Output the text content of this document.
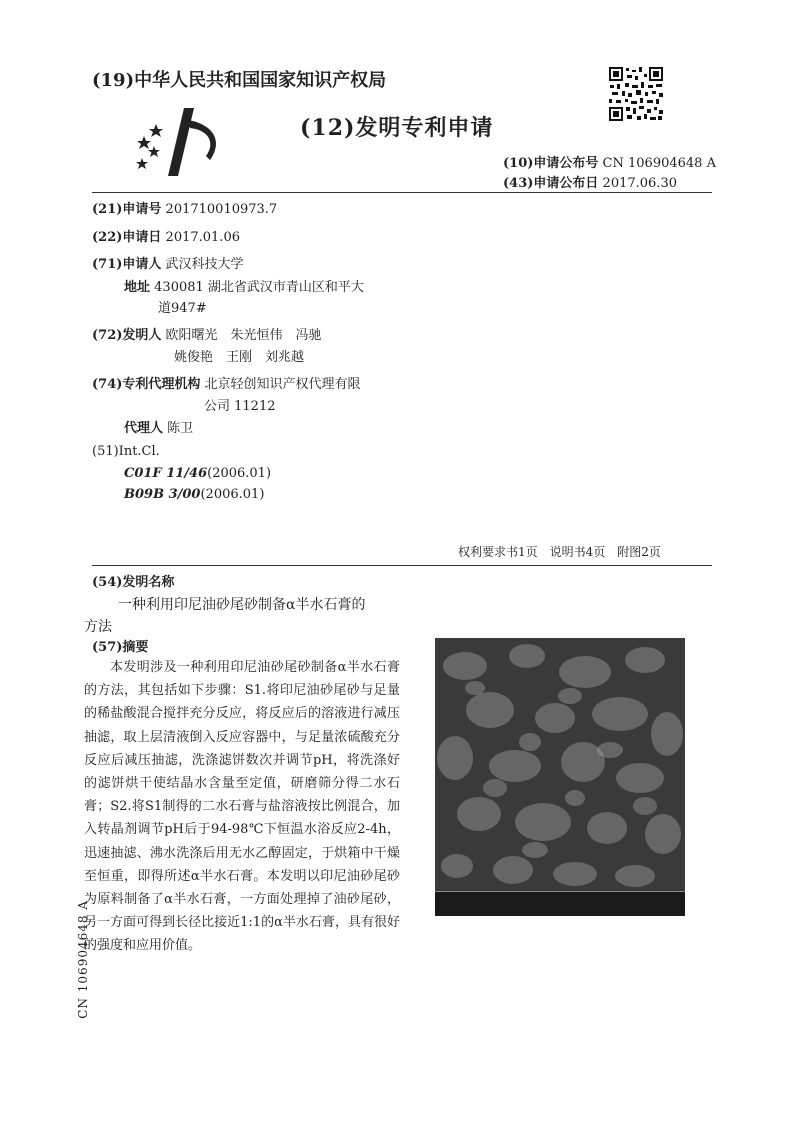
(19)中华人民共和国国家知识产权局
(12)发明专利申请
(10)申请公布号 CN 106904648 A
(43)申请公布日 2017.06.30
(21)申请号 201710010973.7
(22)申请日 2017.01.06
(71)申请人 武汉科技大学
地址 430081 湖北省武汉市青山区和平大
道947#
(72)发明人 欧阳曙光　朱光恒伟　冯驰
姚俊艳　王刚　刘兆越
(74)专利代理机构 北京轻创知识产权代理有限
公司 11212
代理人 陈卫
(51)Int.Cl.
C01F 11/46(2006.01)
B09B 3/00(2006.01)
权利要求书1页　说明书4页　附图2页
(54)发明名称
一种利用印尼油砂尾砂制备α半水石膏的
方法
(57)摘要

本发明涉及一种利用印尼油砂尾砂制备α半水石膏的方法，其包括如下步骤：S1.将印尼油砂尾砂与足量的稀盐酸混合搅拌充分反应，将反应后的溶液进行减压抽滤，取上层清液倒入反应容器中，与足量浓硫酸充分反应后减压抽滤，洗涤滤饼数次并调节pH，将洗涤好的滤饼烘干使结晶水含量至定值，研磨筛分得二水石膏；S2.将S1制得的二水石膏与盐溶液按比例混合，加入转晶剂调节pH后于94-98℃下恒温水浴反应2-4h，迅速抽滤、沸水洗涤后用无水乙醇固定，于烘箱中干燥至恒重，即得所述α半水石膏。本发明以印尼油砂尾砂为原料制备了α半水石膏，一方面处理掉了油砂尾砂，另一方面可得到长径比接近1:1的α半水石膏，具有很好的强度和应用价值。

CN 106904648 A
